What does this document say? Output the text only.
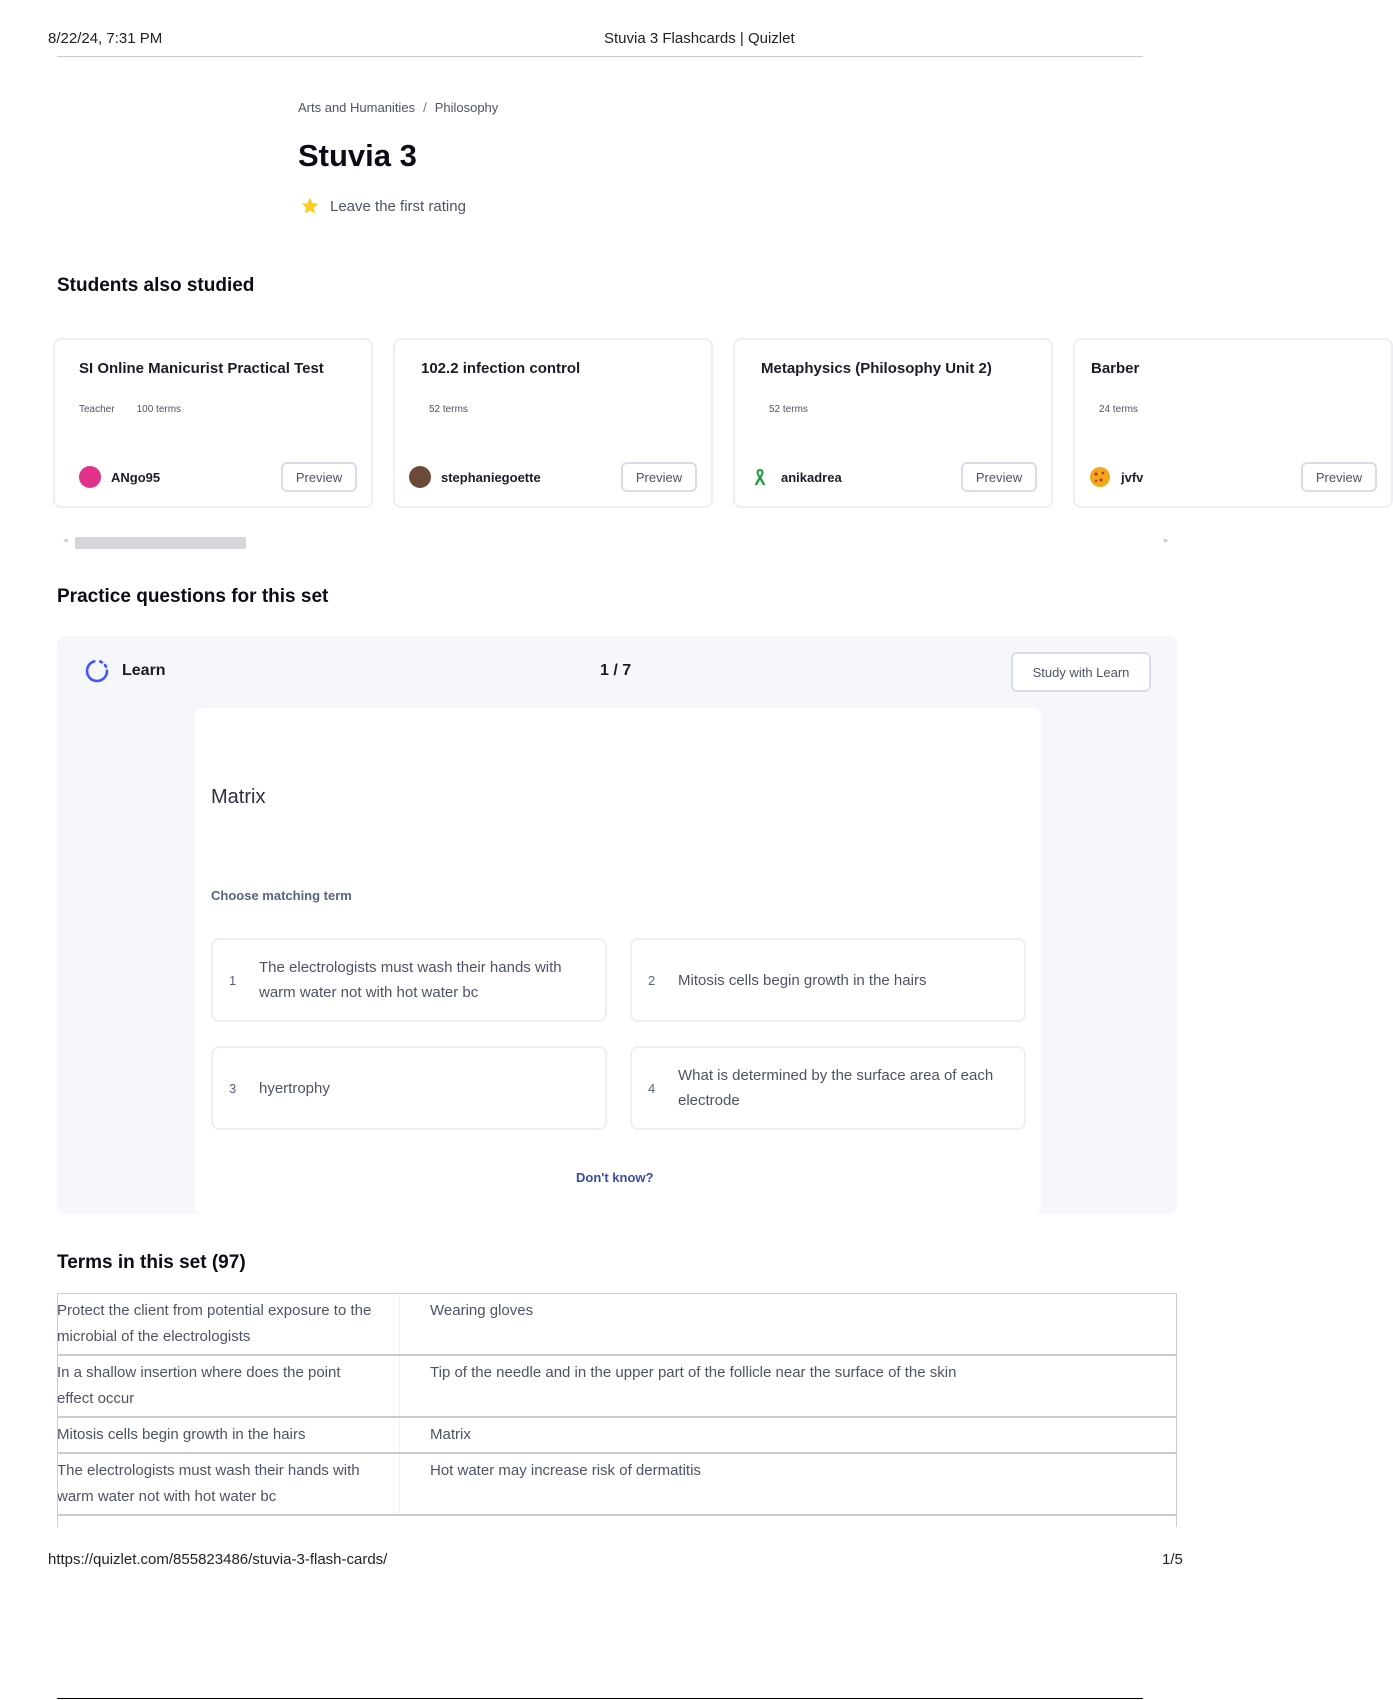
8/22/24, 7:31 PM	Stuvia 3 Flashcards | Quizlet
Arts and Humanities / Philosophy
Stuvia 3
Leave the first rating
Students also studied
SI Online Manicurist Practical Test
Teacher 100 terms
ANgo95	Preview
102.2 infection control
52 terms
stephaniegoette	Preview
Metaphysics (Philosophy Unit 2)
52 terms
anikadrea	Preview
Barber
24 terms
jvfv	Preview
◂	▸
Practice questions for this set
Learn	1 / 7	Study with Learn
Matrix
Choose matching term
1
The electrologists must wash their hands with warm water not with hot water bc
2	Mitosis cells begin growth in the hairs
3	hyertrophy	4
What is determined by the surface area of each electrode
Don't know?
Terms in this set (97)
Protect the client from potential exposure to the microbial of the electrologists	Wearing gloves
In a shallow insertion where does the point effect occur	Tip of the needle and in the upper part of the follicle near the surface of the skin
Mitosis cells begin growth in the hairs	Matrix
The electrologists must wash their hands with warm water not with hot water bc	Hot water may increase risk of dermatitis
https://quizlet.com/855823486/stuvia-3-flash-cards/	1/5
